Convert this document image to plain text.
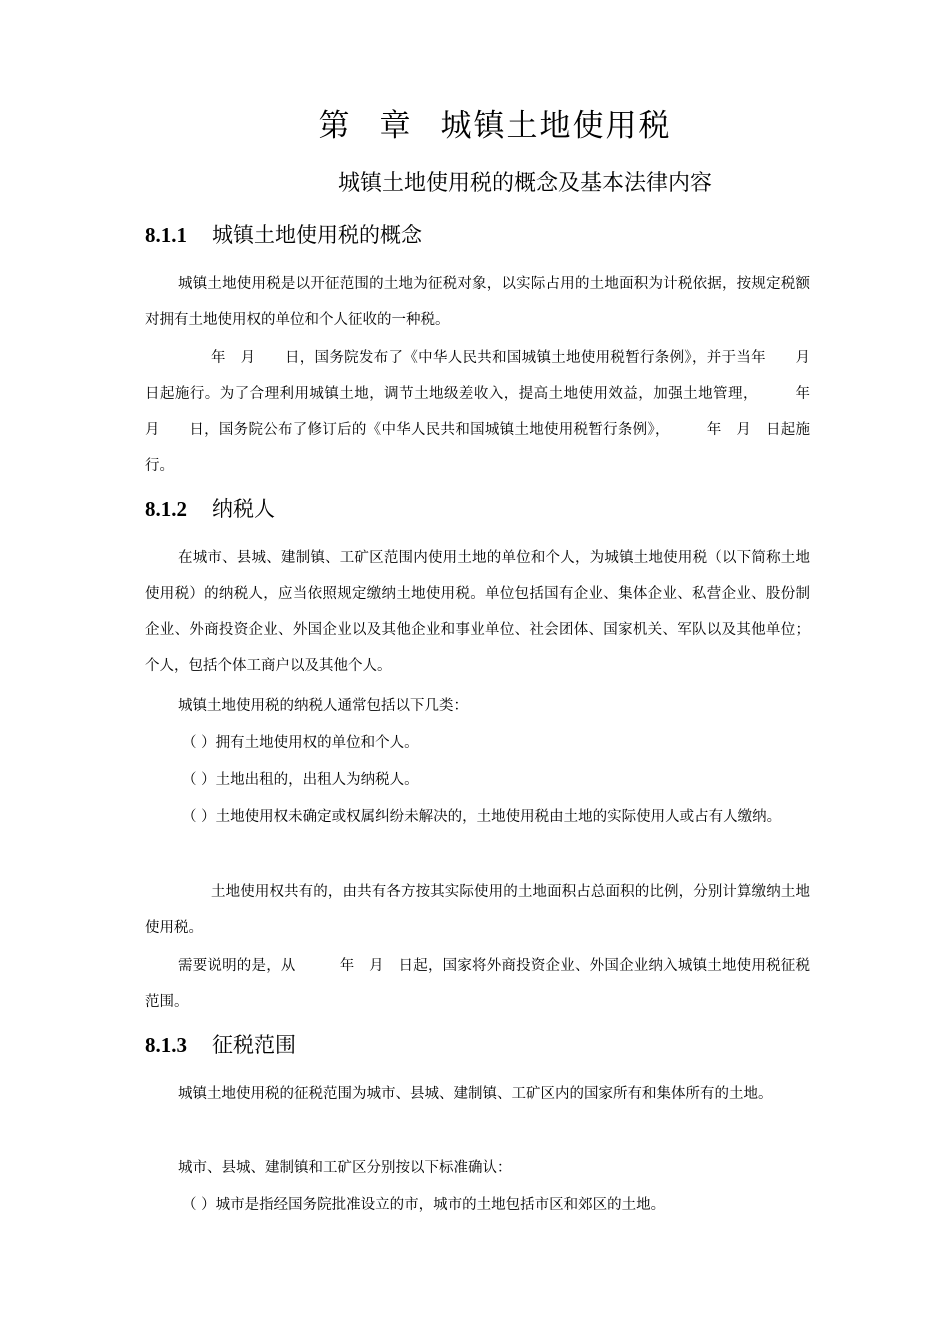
第 章 城镇土地使用税
城镇土地使用税的概念及基本法律内容
8.1.1 城镇土地使用税的概念
城镇土地使用税是以开征范围的土地为征税对象，以实际占用的土地面积为计税依据，按规定税额对拥有土地使用权的单位和个人征收的一种税。
年　月　　日，国务院发布了《中华人民共和国城镇土地使用税暂行条例》，并于当年　　月　日起施行。为了合理利用城镇土地，调节土地级差收入，提高土地使用效益，加强土地管理，　　　年　　月　　日，国务院公布了修订后的《中华人民共和国城镇土地使用税暂行条例》，　　　年　月　日起施行。
8.1.2 纳税人
在城市、县城、建制镇、工矿区范围内使用土地的单位和个人，为城镇土地使用税（以下简称土地使用税）的纳税人，应当依照规定缴纳土地使用税。单位包括国有企业、集体企业、私营企业、股份制企业、外商投资企业、外国企业以及其他企业和事业单位、社会团体、国家机关、军队以及其他单位；个人，包括个体工商户以及其他个人。
城镇土地使用税的纳税人通常包括以下几类：
（ ）拥有土地使用权的单位和个人。
（ ）土地出租的，出租人为纳税人。
（ ）土地使用权未确定或权属纠纷未解决的，土地使用税由土地的实际使用人或占有人缴纳。
土地使用权共有的，由共有各方按其实际使用的土地面积占总面积的比例，分别计算缴纳土地使用税。
需要说明的是，从　　　年　月　日起，国家将外商投资企业、外国企业纳入城镇土地使用税征税范围。
8.1.3 征税范围
城镇土地使用税的征税范围为城市、县城、建制镇、工矿区内的国家所有和集体所有的土地。
城市、县城、建制镇和工矿区分别按以下标准确认：
（ ）城市是指经国务院批准设立的市，城市的土地包括市区和郊区的土地。
